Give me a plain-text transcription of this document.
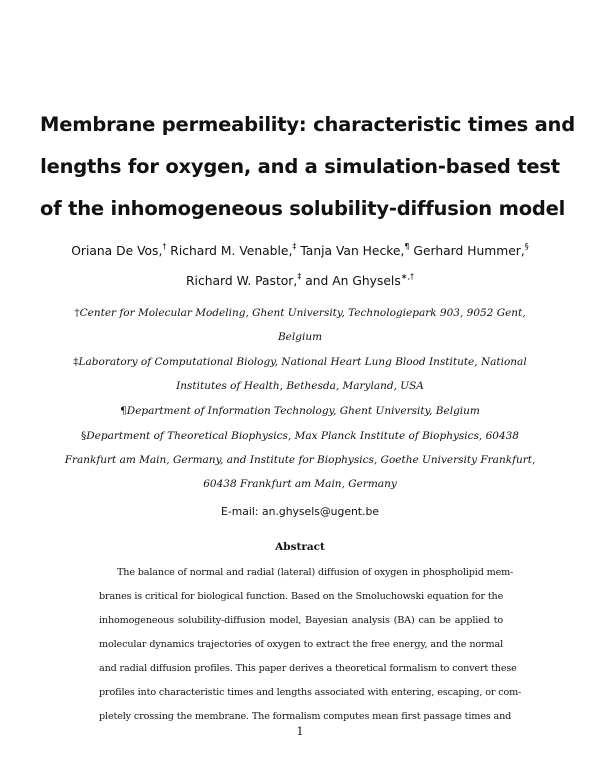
Membrane permeability: characteristic times and
lengths for oxygen, and a simulation-based test
of the inhomogeneous solubility-diffusion model
Oriana De Vos,† Richard M. Venable,‡ Tanja Van Hecke,¶ Gerhard Hummer,§
Richard W. Pastor,‡ and An Ghysels∗,†
†Center for Molecular Modeling, Ghent University, Technologiepark 903, 9052 Gent,
Belgium
‡Laboratory of Computational Biology, National Heart Lung Blood Institute, National
Institutes of Health, Bethesda, Maryland, USA
¶Department of Information Technology, Ghent University, Belgium
§Department of Theoretical Biophysics, Max Planck Institute of Biophysics, 60438
Frankfurt am Main, Germany, and Institute for Biophysics, Goethe University Frankfurt,
60438 Frankfurt am Main, Germany
E-mail: an.ghysels@ugent.be
Abstract
The balance of normal and radial (lateral) diffusion of oxygen in phospholipid mem-
branes is critical for biological function. Based on the Smoluchowski equation for the
inhomogeneous solubility-diffusion model, Bayesian analysis (BA) can be applied to
molecular dynamics trajectories of oxygen to extract the free energy, and the normal
and radial diffusion profiles. This paper derives a theoretical formalism to convert these
profiles into characteristic times and lengths associated with entering, escaping, or com-
pletely crossing the membrane. The formalism computes mean first passage times and
1
